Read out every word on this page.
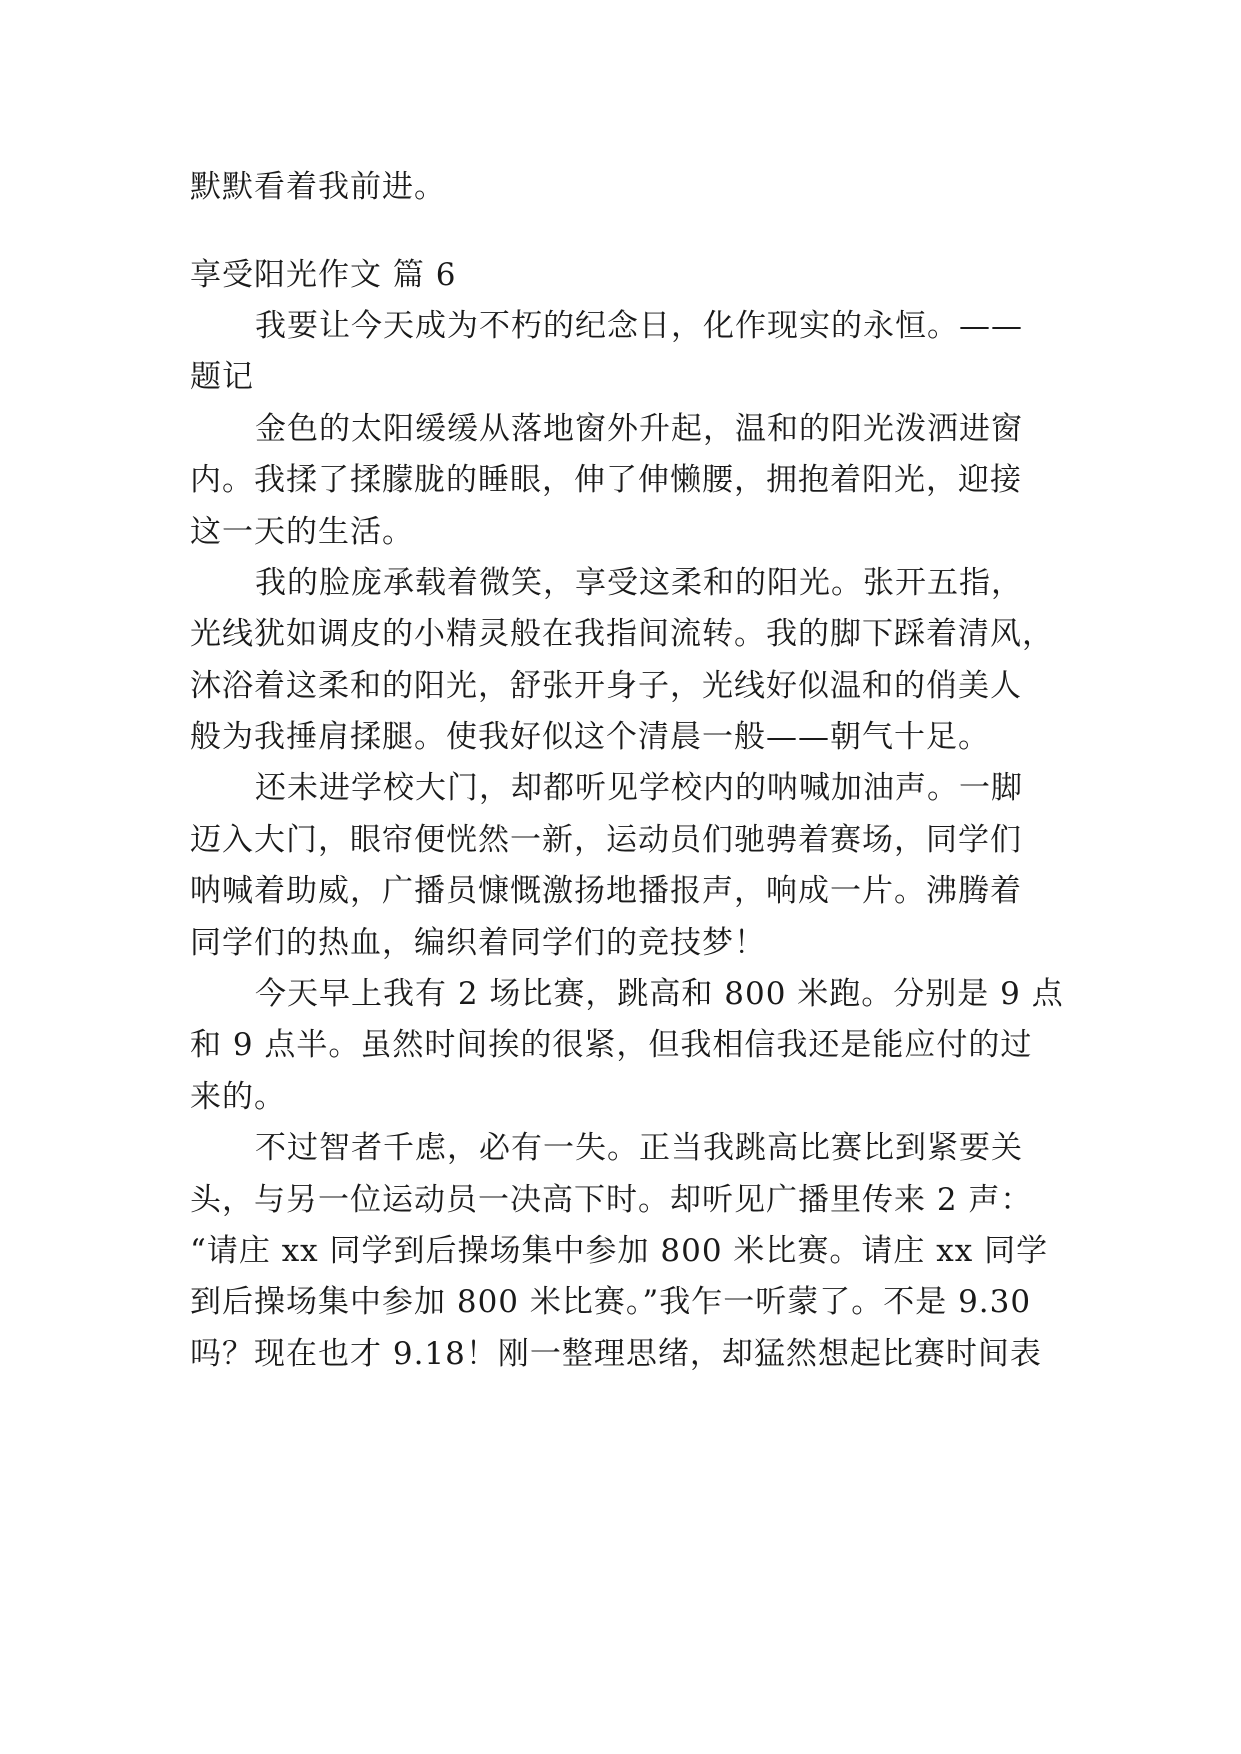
默默看着我前进。
享受阳光作文 篇 6
我要让今天成为不朽的纪念日，化作现实的永恒。——
题记
金色的太阳缓缓从落地窗外升起，温和的阳光泼洒进窗
内。我揉了揉朦胧的睡眼，伸了伸懒腰，拥抱着阳光，迎接
这一天的生活。
我的脸庞承载着微笑，享受这柔和的阳光。张开五指，
光线犹如调皮的小精灵般在我指间流转。我的脚下踩着清风，
沐浴着这柔和的阳光，舒张开身子，光线好似温和的俏美人
般为我捶肩揉腿。使我好似这个清晨一般——朝气十足。
还未进学校大门，却都听见学校内的呐喊加油声。一脚
迈入大门，眼帘便恍然一新，运动员们驰骋着赛场，同学们
呐喊着助威，广播员慷慨激扬地播报声，响成一片。沸腾着
同学们的热血，编织着同学们的竞技梦！
今天早上我有 2 场比赛，跳高和 800 米跑。分别是 9 点
和 9 点半。虽然时间挨的很紧，但我相信我还是能应付的过
来的。
不过智者千虑，必有一失。正当我跳高比赛比到紧要关
头，与另一位运动员一决高下时。却听见广播里传来 2 声：
“请庄 xx 同学到后操场集中参加 800 米比赛。请庄 xx 同学
到后操场集中参加 800 米比赛。”我乍一听蒙了。不是 9.30
吗？现在也才 9.18！刚一整理思绪，却猛然想起比赛时间表
